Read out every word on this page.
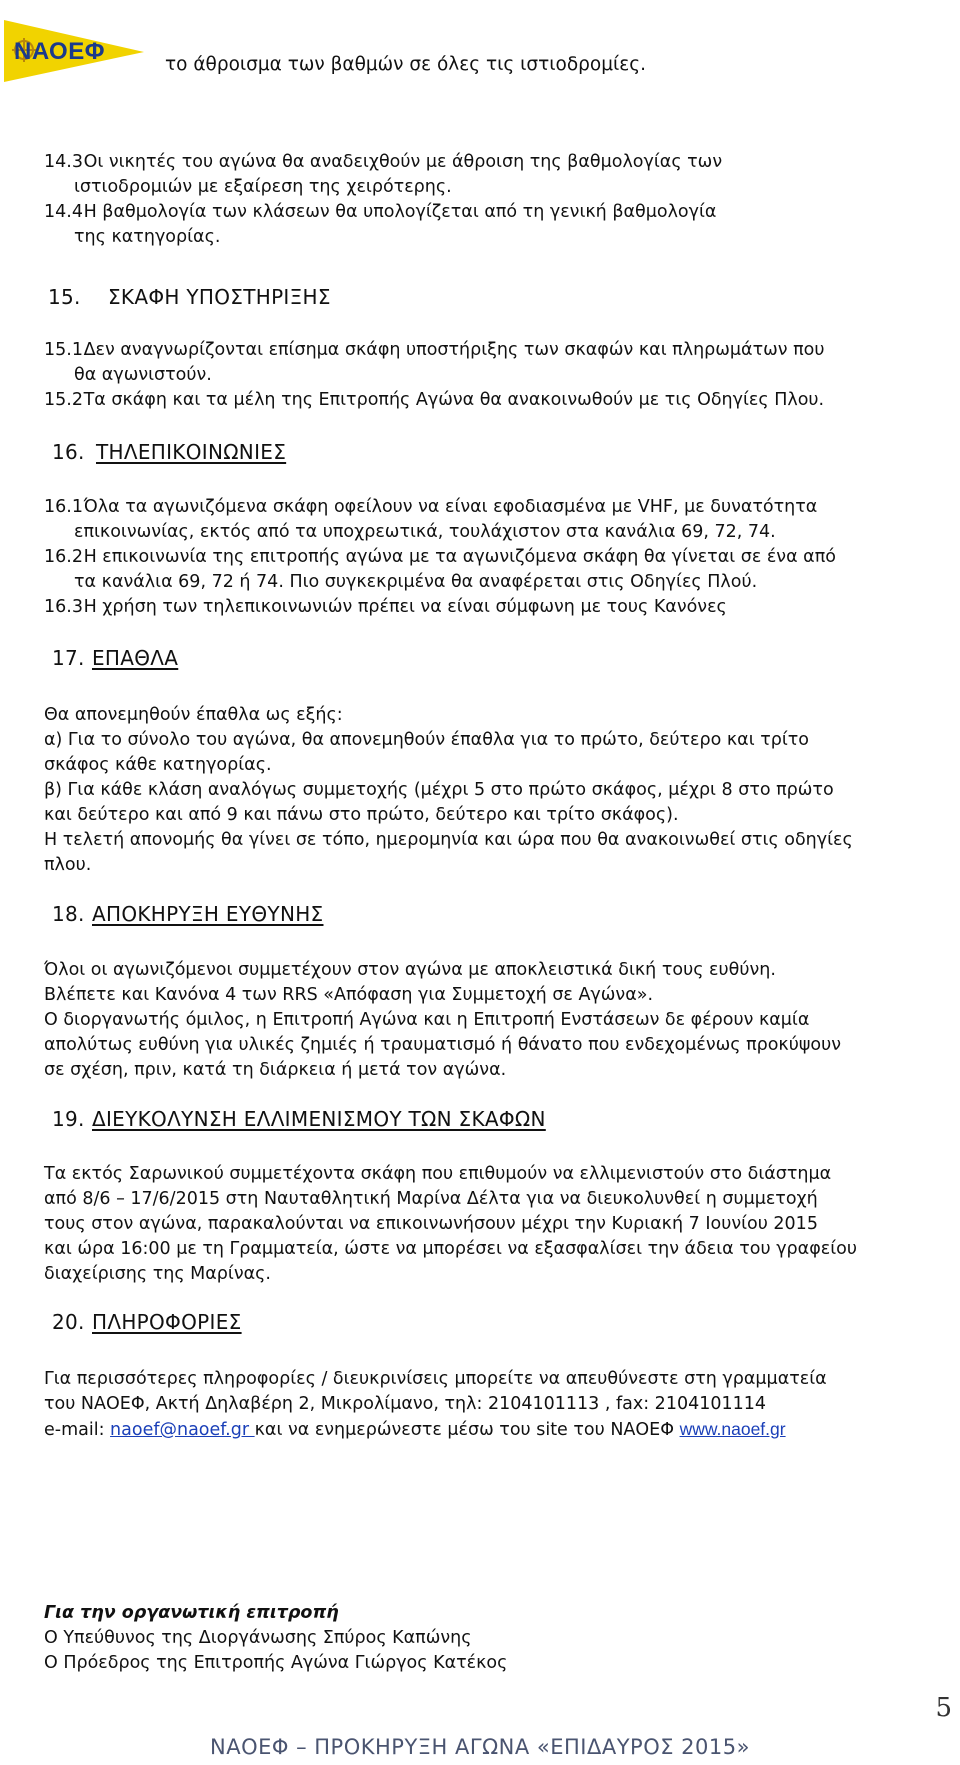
ΝΑΟΕΦ	το άθροισμα των βαθμών σε όλες τις ιστιοδρομίες.
14.3 Οι νικητές του αγώνα θα αναδειχθούν με άθροιση της βαθμολογίας των
ιστιοδρομιών με εξαίρεση της χειρότερης.
14.4 Η βαθμολογία των κλάσεων θα υπολογίζεται από τη γενική βαθμολογία
της κατηγορίας.
15. ΣΚΑΦΗ ΥΠΟΣΤΗΡΙΞΗΣ
15.1 Δεν αναγνωρίζονται επίσημα σκάφη υποστήριξης των σκαφών και πληρωμάτων που
θα αγωνιστούν.
15.2 Τα σκάφη και τα μέλη της Επιτροπής Αγώνα θα ανακοινωθούν με τις Οδηγίες Πλου.
16. ΤΗΛΕΠΙΚΟΙΝΩΝΙΕΣ
16.1 Όλα τα αγωνιζόμενα σκάφη οφείλουν να είναι εφοδιασμένα με VHF, με δυνατότητα
επικοινωνίας, εκτός από τα υποχρεωτικά, τουλάχιστον στα κανάλια 69, 72, 74.
16.2 Η επικοινωνία της επιτροπής αγώνα με τα αγωνιζόμενα σκάφη θα γίνεται σε ένα από
τα κανάλια 69, 72 ή 74. Πιο συγκεκριμένα θα αναφέρεται στις Οδηγίες Πλού.
16.3 Η χρήση των τηλεπικοινωνιών πρέπει να είναι σύμφωνη με τους Κανόνες
17. ΕΠΑΘΛΑ
Θα απονεμηθούν έπαθλα ως εξής:
α) Για το σύνολο του αγώνα, θα απονεμηθούν έπαθλα για το πρώτο, δεύτερο και τρίτο
σκάφος κάθε κατηγορίας.
β) Για κάθε κλάση αναλόγως συμμετοχής (μέχρι 5 στο πρώτο σκάφος, μέχρι 8 στο πρώτο
και δεύτερο και από 9 και πάνω στο πρώτο, δεύτερο και τρίτο σκάφος).
Η τελετή απονομής θα γίνει σε τόπο, ημερομηνία και ώρα που θα ανακοινωθεί στις οδηγίες
πλου.
18. ΑΠΟΚΗΡΥΞΗ ΕΥΘΥΝΗΣ
Όλοι οι αγωνιζόμενοι συμμετέχουν στον αγώνα με αποκλειστικά δική τους ευθύνη.
Βλέπετε και Κανόνα 4 των RRS «Απόφαση για Συμμετοχή σε Αγώνα».
Ο διοργανωτής όμιλος, η Επιτροπή Αγώνα και η Επιτροπή Ενστάσεων δε φέρουν καμία
απολύτως ευθύνη για υλικές ζημιές ή τραυματισμό ή θάνατο που ενδεχομένως προκύψουν
σε σχέση, πριν, κατά τη διάρκεια ή μετά τον αγώνα.
19. ΔΙΕΥΚΟΛΥΝΣΗ ΕΛΛΙΜΕΝΙΣΜΟΥ ΤΩΝ ΣΚΑΦΩΝ
Τα εκτός Σαρωνικού συμμετέχοντα σκάφη που επιθυμούν να ελλιμενιστούν στο διάστημα
από 8/6 – 17/6/2015 στη Ναυταθλητική Μαρίνα Δέλτα για να διευκολυνθεί η συμμετοχή
τους στον αγώνα, παρακαλούνται να επικοινωνήσουν μέχρι την Κυριακή 7 Ιουνίου 2015
και ώρα 16:00 με τη Γραμματεία, ώστε να μπορέσει να εξασφαλίσει την άδεια του γραφείου
διαχείρισης της Μαρίνας.
20. ΠΛΗΡΟΦΟΡΙΕΣ
Για περισσότερες πληροφορίες / διευκρινίσεις μπορείτε να απευθύνεστε στη γραμματεία
του ΝΑΟΕΦ, Ακτή Δηλαβέρη 2, Μικρολίμανο, τηλ: 2104101113 , fax: 2104101114
e-mail: naoef@naoef.gr και να ενημερώνεστε μέσω του site του ΝΑΟΕΦ www.naoef.gr
Για την οργανωτική επιτροπή
Ο Υπεύθυνος της Διοργάνωσης Σπύρος Καπώνης
Ο Πρόεδρος της Επιτροπής Αγώνα Γιώργος Κατέκος
5
ΝΑΟΕΦ – ΠΡΟΚΗΡΥΞΗ ΑΓΩΝΑ «ΕΠΙΔΑΥΡΟΣ 2015»
